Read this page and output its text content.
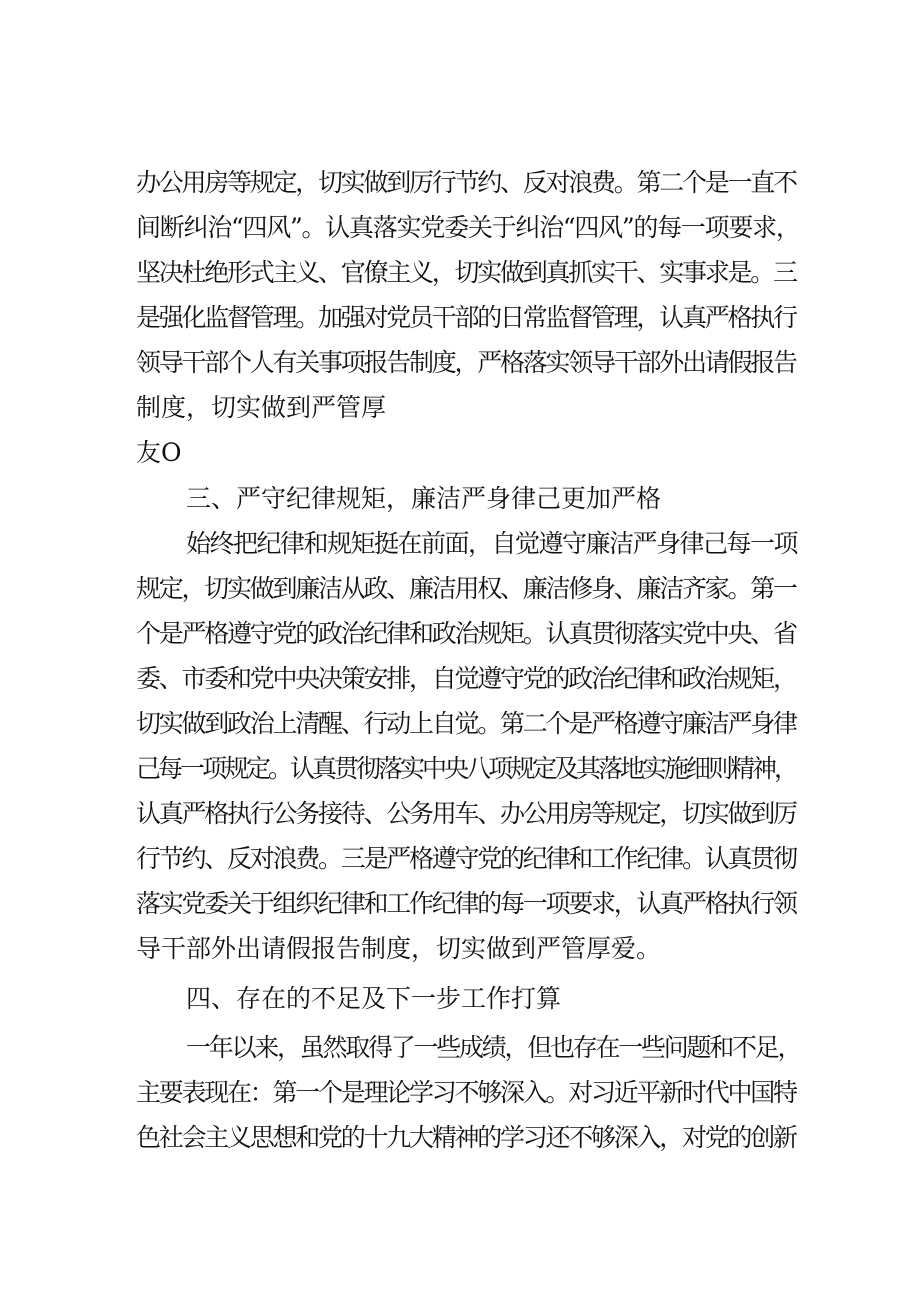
办公用房等规定，切实做到厉行节约、反对浪费。第二个是一直不

间断纠治“四风”。认真落实党委关于纠治“四风”的每一项要求，

坚决杜绝形式主义、官僚主义，切实做到真抓实干、实事求是。三

是强化监督管理。加强对党员干部的日常监督管理，认真严格执行

领导干部个人有关事项报告制度，严格落实领导干部外出请假报告

制度，切实做到严管厚

友O

三、严守纪律规矩，廉洁严身律己更加严格

始终把纪律和规矩挺在前面，自觉遵守廉洁严身律己每一项

规定，切实做到廉洁从政、廉洁用权、廉洁修身、廉洁齐家。第一

个是严格遵守党的政治纪律和政治规矩。认真贯彻落实党中央、省

委、市委和党中央决策安排，自觉遵守党的政治纪律和政治规矩，

切实做到政治上清醒、行动上自觉。第二个是严格遵守廉洁严身律

己每一项规定。认真贯彻落实中央八项规定及其落地实施细则精神，

认真严格执行公务接待、公务用车、办公用房等规定，切实做到厉

行节约、反对浪费。三是严格遵守党的纪律和工作纪律。认真贯彻

落实党委关于组织纪律和工作纪律的每一项要求，认真严格执行领

导干部外出请假报告制度，切实做到严管厚爱。

四、存在的不足及下一步工作打算

一年以来，虽然取得了一些成绩，但也存在一些问题和不足，

主要表现在：第一个是理论学习不够深入。对习近平新时代中国特

色社会主义思想和党的十九大精神的学习还不够深入，对党的创新
